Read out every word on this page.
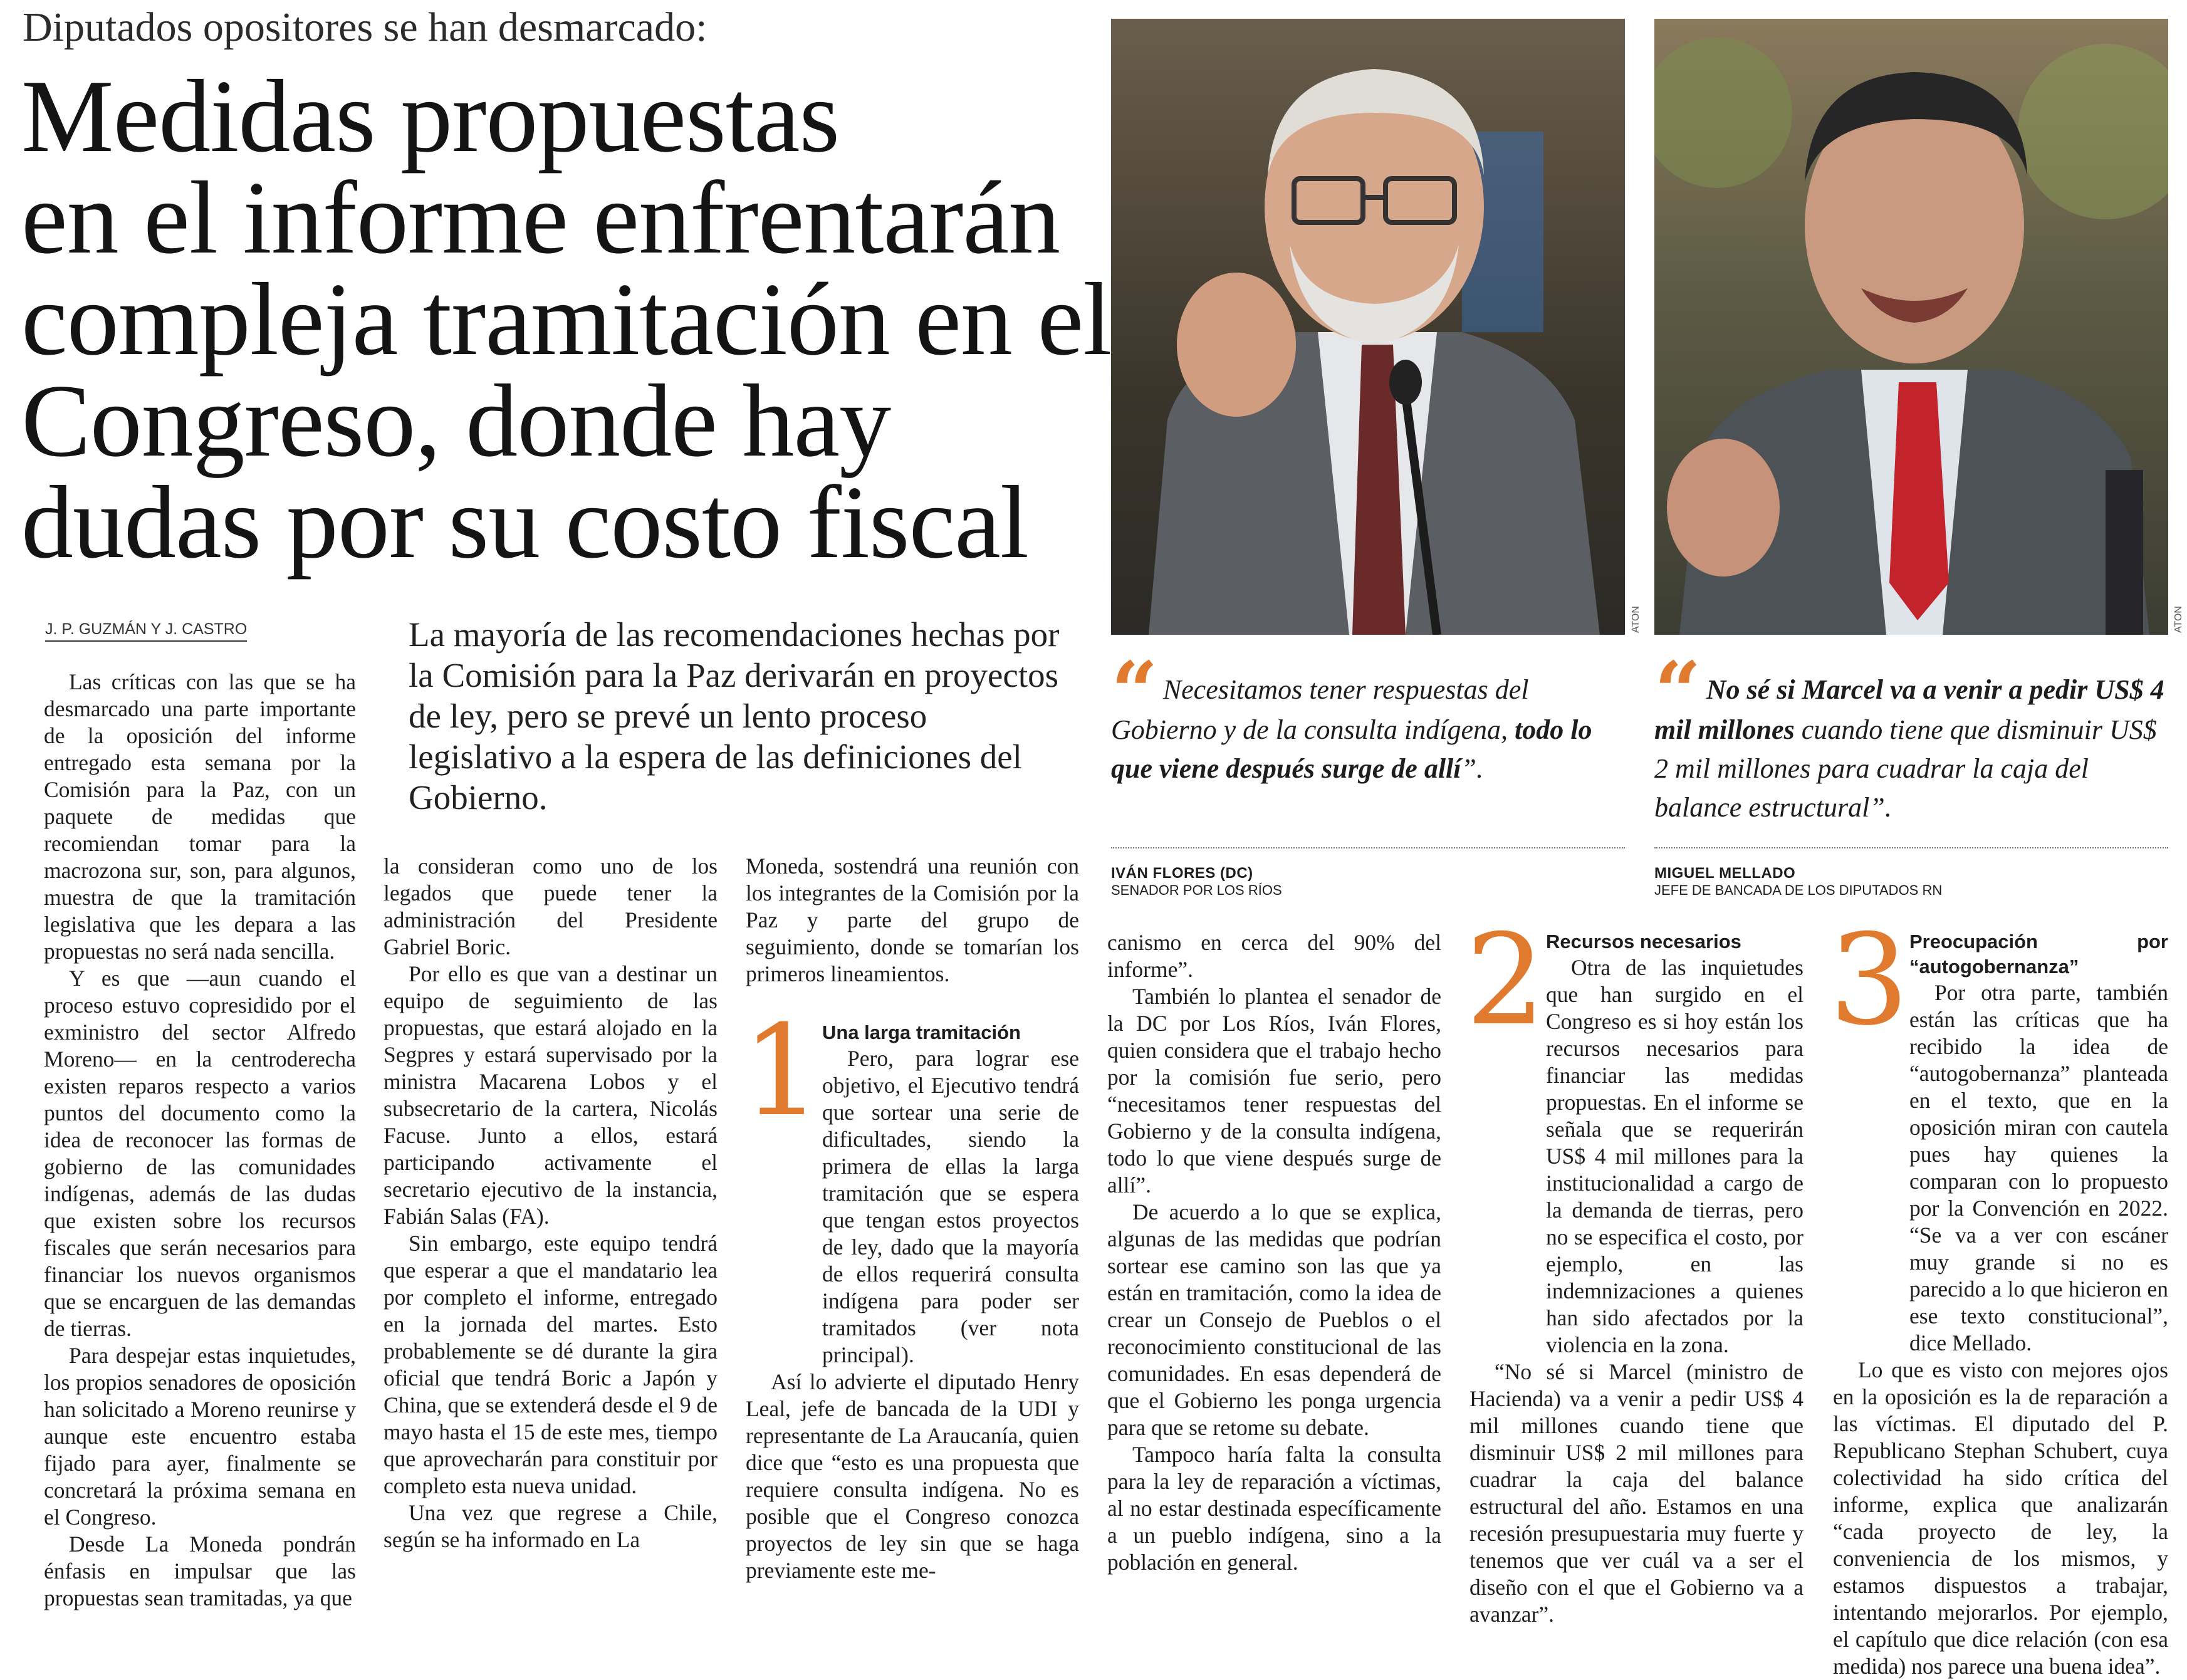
Diputados opositores se han desmarcado:
Medidas propuestas
en el informe enfrentarán
compleja tramitación en el
Congreso, donde hay
dudas por su costo fiscal
J. P. GUZMÁN Y J. CASTRO	La mayoría de las recomendaciones hechas por la Comisión para la Paz derivarán en proyectos de ley, pero se prevé un lento proceso legislativo a la espera de las definiciones del Gobierno.

Las críticas con las que se ha desmarcado una parte importante de la oposición del informe entregado esta semana por la Comisión para la Paz, con un paquete de medidas que recomiendan tomar para la macrozona sur, son, para algunos, muestra de que la tramitación legislativa que les depara a las propuestas no será nada sencilla.

Y es que —aun cuando el proceso estuvo copresidido por el exministro del sector Alfredo Moreno— en la centroderecha existen reparos respecto a varios puntos del documento como la idea de reconocer las formas de gobierno de las comunidades indígenas, además de las dudas que existen sobre los recursos fiscales que serán necesarios para financiar los nuevos organismos que se encarguen de las demandas de tierras.

Para despejar estas inquietudes, los propios senadores de oposición han solicitado a Moreno reunirse y aunque este encuentro estaba fijado para ayer, finalmente se concretará la próxima semana en el Congreso.

Desde La Moneda pondrán énfasis en impulsar que las propuestas sean tramitadas, ya que

la consideran como uno de los legados que puede tener la administración del Presidente Gabriel Boric.

Por ello es que van a destinar un equipo de seguimiento de las propuestas, que estará alojado en la Segpres y estará supervisado por la ministra Macarena Lobos y el subsecretario de la cartera, Nicolás Facuse. Junto a ellos, estará participando activamente el secretario ejecutivo de la instancia, Fabián Salas (FA).

Sin embargo, este equipo tendrá que esperar a que el mandatario lea por completo el informe, entregado en la jornada del martes. Esto probablemente se dé durante la gira oficial que tendrá Boric a Japón y China, que se extenderá desde el 9 de mayo hasta el 15 de este mes, tiempo que aprovecharán para constituir por completo esta nueva unidad.

Una vez que regrese a Chile, según se ha informado en La

Moneda, sostendrá una reunión con los integrantes de la Comisión por la Paz y parte del grupo de seguimiento, donde se tomarían los primeros lineamientos.

1 Una larga tramitación

Pero, para lograr ese objetivo, el Ejecutivo tendrá que sortear una serie de dificultades, siendo la primera de ellas la larga tramitación que se espera que tengan estos proyectos de ley, dado que la mayoría de ellos requerirá consulta indígena para poder ser tramitados (ver nota principal).

Así lo advierte el diputado Henry Leal, jefe de bancada de la UDI y representante de La Araucanía, quien dice que “esto es una propuesta que requiere consulta indígena. No es posible que el Congreso conozca proyectos de ley sin que se haga previamente este me-

canismo en cerca del 90% del informe”.

También lo plantea el senador de la DC por Los Ríos, Iván Flores, quien considera que el trabajo hecho por la comisión fue serio, pero “necesitamos tener respuestas del Gobierno y de la consulta indígena, todo lo que viene después surge de allí”.

De acuerdo a lo que se explica, algunas de las medidas que podrían sortear ese camino son las que ya están en tramitación, como la idea de crear un Consejo de Pueblos o el reconocimiento constitucional de las comunidades. En esas dependerá de que el Gobierno les ponga urgencia para que se retome su debate.

Tampoco haría falta la consulta para la ley de reparación a víctimas, al no estar destinada específicamente a un pueblo indígena, sino a la población en general.

2 Recursos necesarios

Otra de las inquietudes que han surgido en el Congreso es si hoy están los recursos necesarios para financiar las medidas propuestas. En el informe se señala que se requerirán US$ 4 mil millones para la institucionalidad a cargo de la demanda de tierras, pero no se especifica el costo, por ejemplo, en las indemnizaciones a quienes han sido afectados por la violencia en la zona.

“No sé si Marcel (ministro de Hacienda) va a venir a pedir US$ 4 mil millones cuando tiene que disminuir US$ 2 mil millones para cuadrar la caja del balance estructural del año. Estamos en una recesión presupuestaria muy fuerte y tenemos que ver cuál va a ser el diseño con el que el Gobierno va a avanzar”.

3 Preocupación por “autogobernanza”

Por otra parte, también están las críticas que ha recibido la idea de “autogobernanza” planteada en el texto, que en la oposición miran con cautela pues hay quienes la comparan con lo propuesto por la Convención en 2022. “Se va a ver con escáner muy grande si no es parecido a lo que hicieron en ese texto constitucional”, dice Mellado.

Lo que es visto con mejores ojos en la oposición es la de reparación a las víctimas. El diputado del P. Republicano Stephan Schubert, cuya colectividad ha sido crítica del informe, explica que analizarán “cada proyecto de ley, la conveniencia de los mismos, y estamos dispuestos a trabajar, intentando mejorarlos. Por ejemplo, el capítulo que dice relación (con esa medida) nos parece una buena idea”.

ATON	ATON
“ Necesitamos tener respuestas del Gobierno y de la consulta indígena, todo lo que viene después surge de allí”.
IVÁN FLORES (DC)
SENADOR POR LOS RÍOS
“ No sé si Marcel va a venir a pedir US$ 4 mil millones cuando tiene que disminuir US$ 2 mil millones para cuadrar la caja del balance estructural”.
MIGUEL MELLADO
JEFE DE BANCADA DE LOS DIPUTADOS RN
